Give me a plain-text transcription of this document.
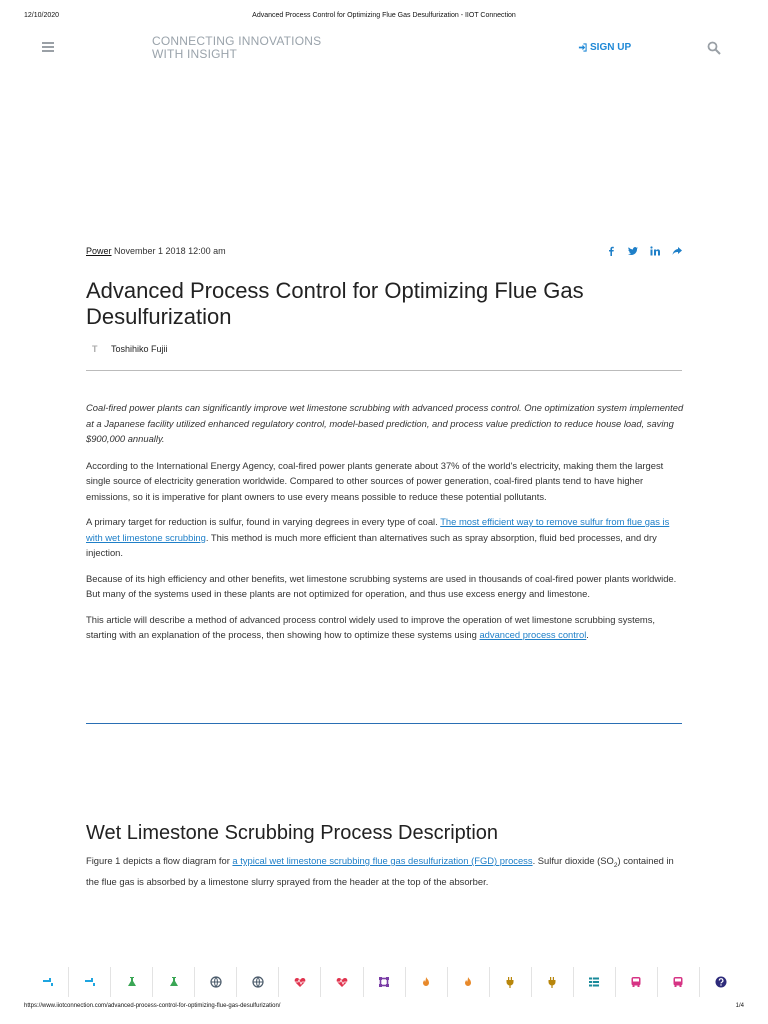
12/10/2020	Advanced Process Control for Optimizing Flue Gas Desulfurization - IIOT Connection
CONNECTING INNOVATIONS
WITH INSIGHT	SIGN UP
Power November 1 2018 12:00 am
Advanced Process Control for Optimizing Flue Gas Desulfurization
T Toshihiko Fujii

Coal-fired power plants can significantly improve wet limestone scrubbing with advanced process control. One optimization system implemented at a Japanese facility utilized enhanced regulatory control, model-based prediction, and process value prediction to reduce house load, saving $900,000 annually.

According to the International Energy Agency, coal-fired power plants generate about 37% of the world's electricity, making them the largest single source of electricity generation worldwide. Compared to other sources of power generation, coal-fired plants tend to have higher emissions, so it is imperative for plant owners to use every means possible to reduce these potential pollutants.

A primary target for reduction is sulfur, found in varying degrees in every type of coal. The most efficient way to remove sulfur from flue gas is with wet limestone scrubbing. This method is much more efficient than alternatives such as spray absorption, fluid bed processes, and dry injection.

Because of its high efficiency and other benefits, wet limestone scrubbing systems are used in thousands of coal-fired power plants worldwide. But many of the systems used in these plants are not optimized for operation, and thus use excess energy and limestone.

This article will describe a method of advanced process control widely used to improve the operation of wet limestone scrubbing systems, starting with an explanation of the process, then showing how to optimize these systems using advanced process control.

Wet Limestone Scrubbing Process Description
Figure 1 depicts a flow diagram for a typical wet limestone scrubbing flue gas desulfurization (FGD) process. Sulfur dioxide $(SO_2)$ contained in the flue gas is absorbed by a limestone slurry sprayed from the header at the top of the absorber.
https://www.iiotconnection.com/advanced-process-control-for-optimizing-flue-gas-desulfurization/	1/4
